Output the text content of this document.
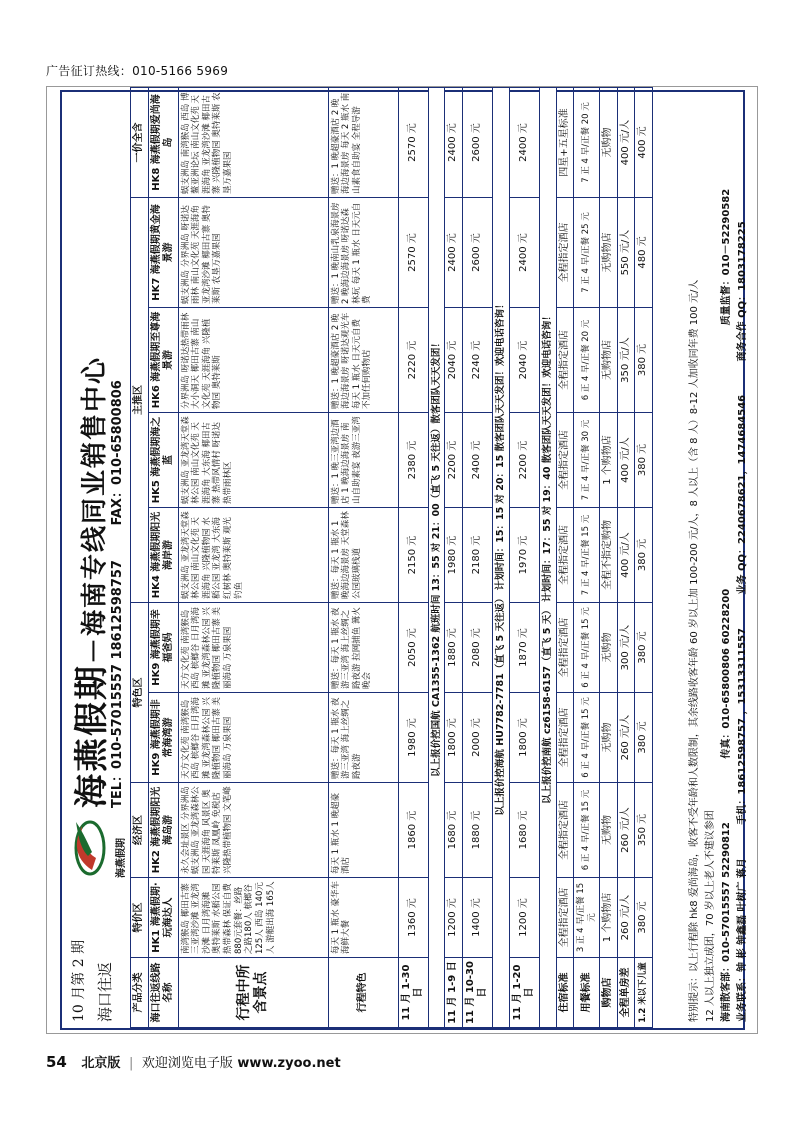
广告征订热线：010-5166 5969
10 月第 2 期 海口往返
海燕假期
海燕假期－海南专线同业销售中心
TEL：010-57015557 18612598757 FAX：010-65800806
产品分类	特价区	经济区	特色区		主推区				一价全含
海口往返线路名称	HK1 海燕假期·玩海达人	HK2 海燕假期阳光海岛游	HK9 海燕假期非常海湾游	HK9 海燕假期幸福爸妈	HK4 海燕假期阳光海岸游	HK5 海燕假期海之蓝	HK6 海燕假期至尊海景游	HK7 海燕假期黄金海景游	HK8 海燕假期爱尚海岛
行程中所含景点	南湾猴岛 椰田古寨 三亚湾沙滩 亚龙湾沙滩 日月湾海滩 奥特莱斯 水稻公园 热带森林 保证自费880元套餐：丝路之路180人 槟榔谷125人 西岛 140元人 游艇出海 165人	永久会址景区 分界洲岛 蜈支洲岛 亚龙湾森林公园 天涯海角 风景区 奥特莱斯 凤凰岭 免税店 兴隆热带植物园 文笔峰	天方文化苑 南湾猴岛 西岛 槟榔谷 日月湾海滩 亚龙湾森林公园 兴隆植物园 椰田古寨 美丽海岛 万泉果园	天方文化苑 南湾猴岛 西岛 槟榔谷 日月湾海滩 亚龙湾森林公园 兴隆植物园 椰田古寨 美丽海岛 万泉果园	蜈支洲岛 亚龙湾天堂森林公园 南山文化苑 天涯海角 兴隆植物园 水稻公园 亚龙湾 大东海 红树林 奥特莱斯 观光钓鱼	蜈支洲岛 亚龙湾天堂森林公园 南山文化苑 天涯海角 大东海 椰田古寨 热带风情村 呀诺达热带雨林区	分界洲岛 呀诺达热带雨林 大小洞天 椰田古寨 南山文化苑 天涯海角 兴隆植物园 奥特莱斯	蜈支洲岛 分界洲岛 呀诺达雨林 南山文化苑 天涯海角 亚龙湾沙滩 椰田古寨 奥特莱斯 农垦万嘉果园	蜈支洲岛 南湾猴岛 西岛 博鳌亚洲论坛 南山文化苑 天涯海角 亚龙湾沙滩 椰田古寨 兴隆植物园 奥特莱斯 农垦万嘉果园
行程特色	每天 1 瓶水 豪华车 海鲜大餐	每天 1 瓶水 1 晚超豪酒店	赠送：每天 1 瓶水 夜游三亚湾 海上丝绸之路夜游	赠送：每天 1 瓶水 夜游三亚湾 海上丝绸之路夜游 拉网捕鱼 篝火晚会	赠送：每天 1 瓶水 1 晚海边海景房 天堂森林公园玻璃栈道	赠送：1 晚三亚湾边酒店 1 晚海边海景房 南山自助素宴 夜游三亚湾	赠送：1 晚超豪酒店 2 晚海边海景房 呀诺达观光车 每天 1 瓶水 日天元自费 不加任何购物店	赠送：1 晚南山乳泉海景房 2 晚海边海景房 呀诺达森林玩 每天 1 瓶水 日天元自费	赠送：1 晚超豪酒店 2 晚海边海景房 每天 2 瓶水 南山素食自助宴 全程导游
11 月 1-30 日	1360 元	1860 元	1980 元	2050 元	2150 元	2380 元	2220 元	2570 元	2570 元
以上报价控国航 CA1355-1362 航班时间 13：55 对 21：00（直飞 5 天往返）散客团队天天发团！									
11 月 1-9 日	1200 元	1680 元	1800 元	1880 元	1980 元	2200 元	2040 元	2400 元	2400 元
11 月 10-30 日	1400 元	1880 元	2000 元	2080 元	2180 元	2400 元	2240 元	2600 元	2600 元
以上报价控海航 HU7782-7781（直飞 5 天往返） 计划时间：15：15 对 20：15 散客团队天天发团！欢迎电话咨询！									
11 月 1-20 日	1200 元	1680 元	1800 元	1870 元	1970 元	2200 元	2040 元	2400 元	2400 元
以上报价控南航 cz6158-6157（直飞 5 天） 计划时间：17：55 对 19：40 散客团队天天发团！欢迎电话咨询！									
住宿标准	全程指定酒店	全程指定酒店	全程指定酒店	全程指定酒店	全程指定酒店	全程指定酒店	全程指定酒店	全程指定酒店	四星+五星标准
用餐标准	3 正 4 早/正餐 15 元	6 正 4 早/正餐 15 元	6 正 4 早/正餐 15 元	6 正 4 早/正餐 15 元	7 正 4 早/正餐 15 元	7 正 4 早/正餐 30 元	6 正 4 早/正餐 20 元	7 正 4 早/正餐 25 元	7 正 4 早/正餐 20 元
购物店	1 个购物店	无购物	无购物	无购物	全程不指定购物	1 个购物店	无购物店	无购物店	无购物
全程单房差	260 元/人	260 元/人	260 元/人	300 元/人	400 元/人	400 元/人	350 元/人	550 元/人	400 元/人
1.2 米以下儿童	380 元	350 元	380 元	380 元	380 元	380 元	380 元	480 元	400 元
特别提示：以上行程除 hk8 爱尚海岛，收客不受年龄和人数限制，其余线路收客年龄 60 岁以上加 100-200 元/人，8 人以上（含 8 人）8-12 人加收同年费 100 元/人 12 人以上独立成团，70 岁以上老人不建议参团 海南散客部：010-57015557 52290812 传真：010-65800806 60228200 质量监督：010－52290582
业务联系：钟 彬 钟鑫磊 叶树广 蒋月 手机：18612598757 ，15313311557 业务 QQ：2240678621，1474684546 商务合作 QQ：1803178225
54 北京版 | 欢迎浏览电子版 www.zyoo.net
